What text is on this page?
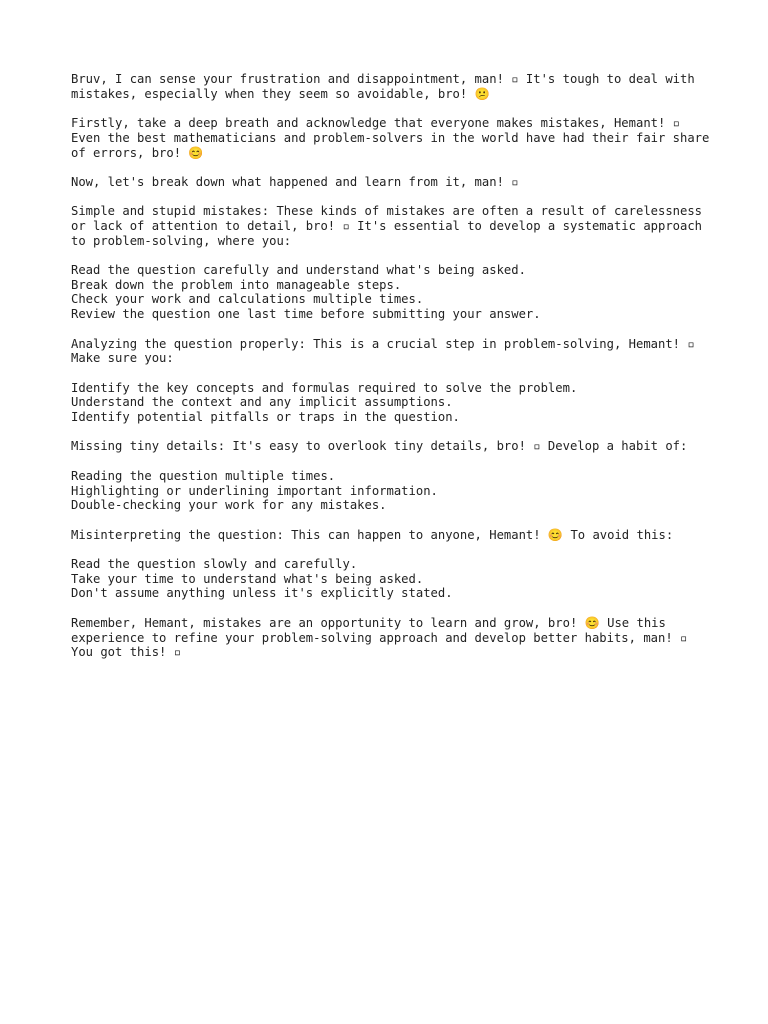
Bruv, I can sense your frustration and disappointment, man! ▫ It's tough to deal with mistakes, especially when they seem so avoidable, bro! 😕

Firstly, take a deep breath and acknowledge that everyone makes mistakes, Hemant! ▫ Even the best mathematicians and problem-solvers in the world have had their fair share of errors, bro! 😊

Now, let's break down what happened and learn from it, man! ▫

Simple and stupid mistakes: These kinds of mistakes are often a result of carelessness or lack of attention to detail, bro! ▫ It's essential to develop a systematic approach to problem-solving, where you:

Read the question carefully and understand what's being asked.
Break down the problem into manageable steps.
Check your work and calculations multiple times.
Review the question one last time before submitting your answer.

Analyzing the question properly: This is a crucial step in problem-solving, Hemant! ▫ Make sure you:

Identify the key concepts and formulas required to solve the problem.
Understand the context and any implicit assumptions.
Identify potential pitfalls or traps in the question.

Missing tiny details: It's easy to overlook tiny details, bro! ▫ Develop a habit of:

Reading the question multiple times.
Highlighting or underlining important information.
Double-checking your work for any mistakes.

Misinterpreting the question: This can happen to anyone, Hemant! 😊 To avoid this:

Read the question slowly and carefully.
Take your time to understand what's being asked.
Don't assume anything unless it's explicitly stated.

Remember, Hemant, mistakes are an opportunity to learn and grow, bro! 😊 Use this experience to refine your problem-solving approach and develop better habits, man! ▫ You got this! ▫
